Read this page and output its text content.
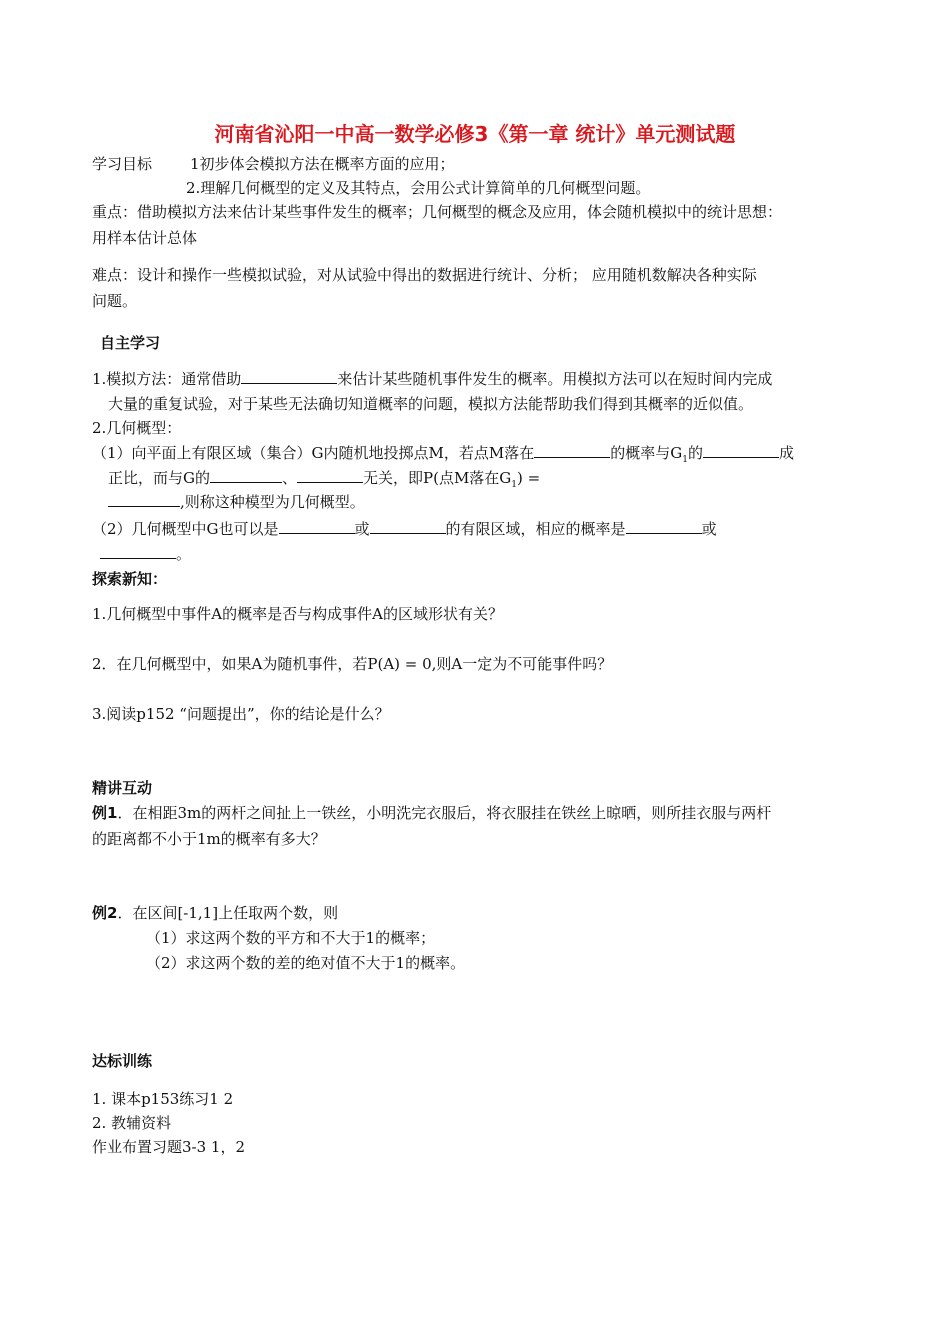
河南省沁阳一中高一数学必修3《第一章 统计》单元测试题
学习目标	1初步体会模拟方法在概率方面的应用；
2.理解几何概型的定义及其特点，会用公式计算简单的几何概型问题。
重点：借助模拟方法来估计某些事件发生的概率；几何概型的概念及应用，体会随机模拟中的统计思想：
用样本估计总体
难点：设计和操作一些模拟试验，对从试验中得出的数据进行统计、分析； 应用随机数解决各种实际
问题。
自主学习
1.模拟方法：通常借助	来估计某些随机事件发生的概率。用模拟方法可以在短时间内完成
大量的重复试验，对于某些无法确切知道概率的问题，模拟方法能帮助我们得到其概率的近似值。
2.几何概型：
（1）向平面上有限区域（集合）G内随机地投掷点M，若点M落在	的概率与$G_1$的	成
正比，而与G的	、	无关，即P(点M落在$G_1$) =
,则称这种模型为几何概型。
（2）几何概型中G也可以是	或	的有限区域，相应的概率是	或
。
探索新知：
1.几何概型中事件A的概率是否与构成事件A的区域形状有关？
2．在几何概型中，如果A为随机事件，若P(A) = 0,则A一定为不可能事件吗？
3.阅读p152 “问题提出”，你的结论是什么？
精讲互动
例1．在相距3m的两杆之间扯上一铁丝，小明洗完衣服后，将衣服挂在铁丝上晾晒，则所挂衣服与两杆
的距离都不小于1m的概率有多大？
例2．在区间[-1,1]上任取两个数，则
（1）求这两个数的平方和不大于1的概率；
（2）求这两个数的差的绝对值不大于1的概率。
达标训练
1. 课本p153练习1 2
2. 教辅资料
作业布置习题3-3 1，2
